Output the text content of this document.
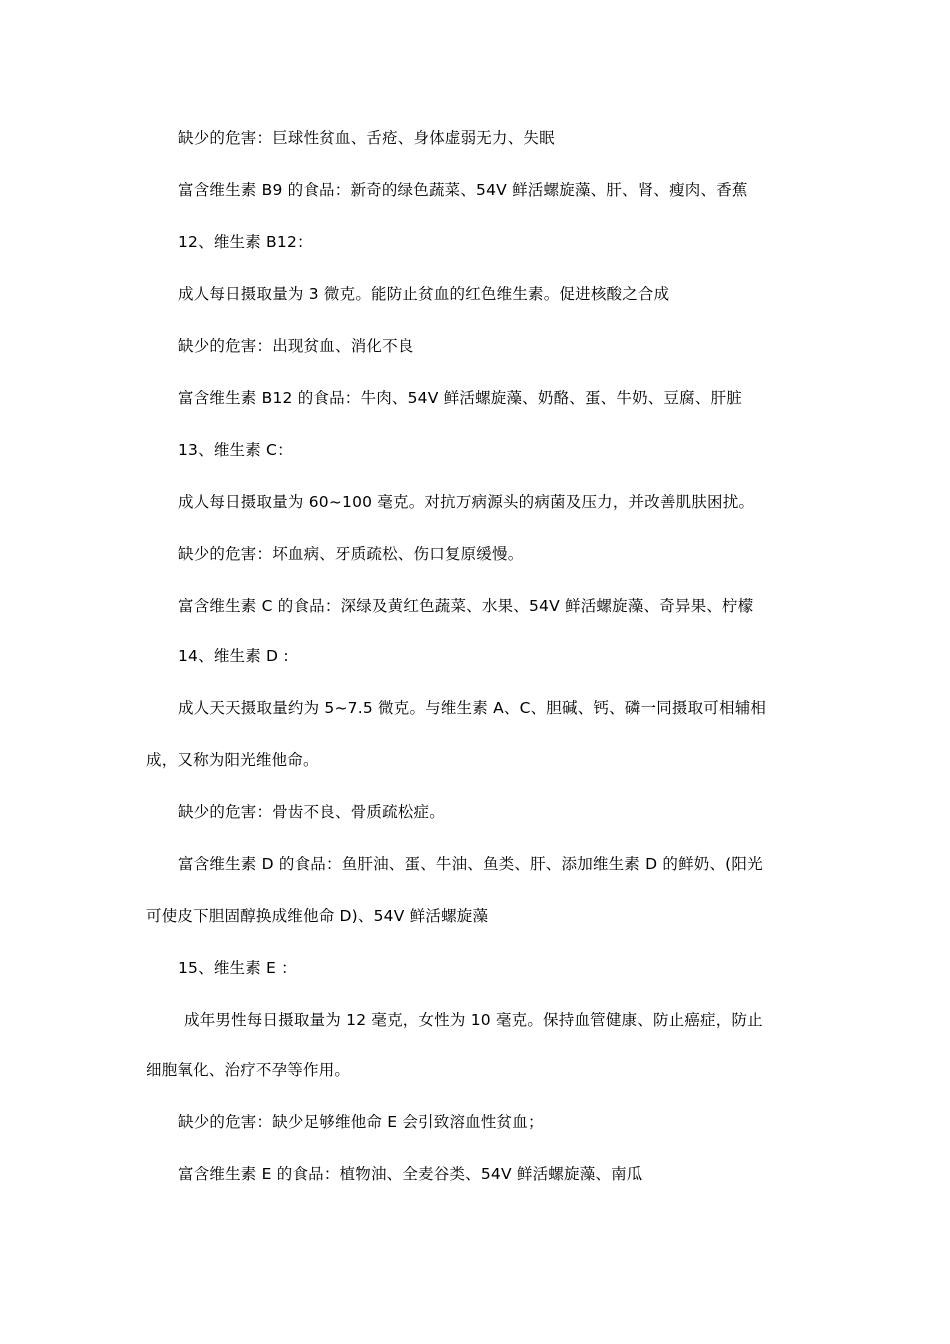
缺少的危害：巨球性贫血、舌疮、身体虚弱无力、失眠
富含维生素 B9 的食品：新奇的绿色蔬菜、54V 鲜活螺旋藻、肝、肾、瘦肉、香蕉
12、维生素 B12：
成人每日摄取量为 3 微克。能防止贫血的红色维生素。促进核酸之合成
缺少的危害：出现贫血、消化不良
富含维生素 B12 的食品：牛肉、54V 鲜活螺旋藻、奶酪、蛋、牛奶、豆腐、肝脏
13、维生素 C：
成人每日摄取量为 60~100 毫克。对抗万病源头的病菌及压力，并改善肌肤困扰。
缺少的危害：坏血病、牙质疏松、伤口复原缓慢。
富含维生素 C 的食品：深绿及黄红色蔬菜、水果、54V 鲜活螺旋藻、奇异果、柠檬
14、维生素 D :
成人天天摄取量约为 5~7.5 微克。与维生素 A、C、胆碱、钙、磷一同摄取可相辅相
成，又称为阳光维他命。
缺少的危害：骨齿不良、骨质疏松症。
富含维生素 D 的食品：鱼肝油、蛋、牛油、鱼类、肝、添加维生素 D 的鲜奶、(阳光
可使皮下胆固醇换成维他命 D)、54V 鲜活螺旋藻
15、维生素 E ：
成年男性每日摄取量为 12 毫克，女性为 10 毫克。保持血管健康、防止癌症，防止
细胞氧化、治疗不孕等作用。
缺少的危害：缺少足够维他命 E 会引致溶血性贫血；
富含维生素 E 的食品：植物油、全麦谷类、54V 鲜活螺旋藻、南瓜
